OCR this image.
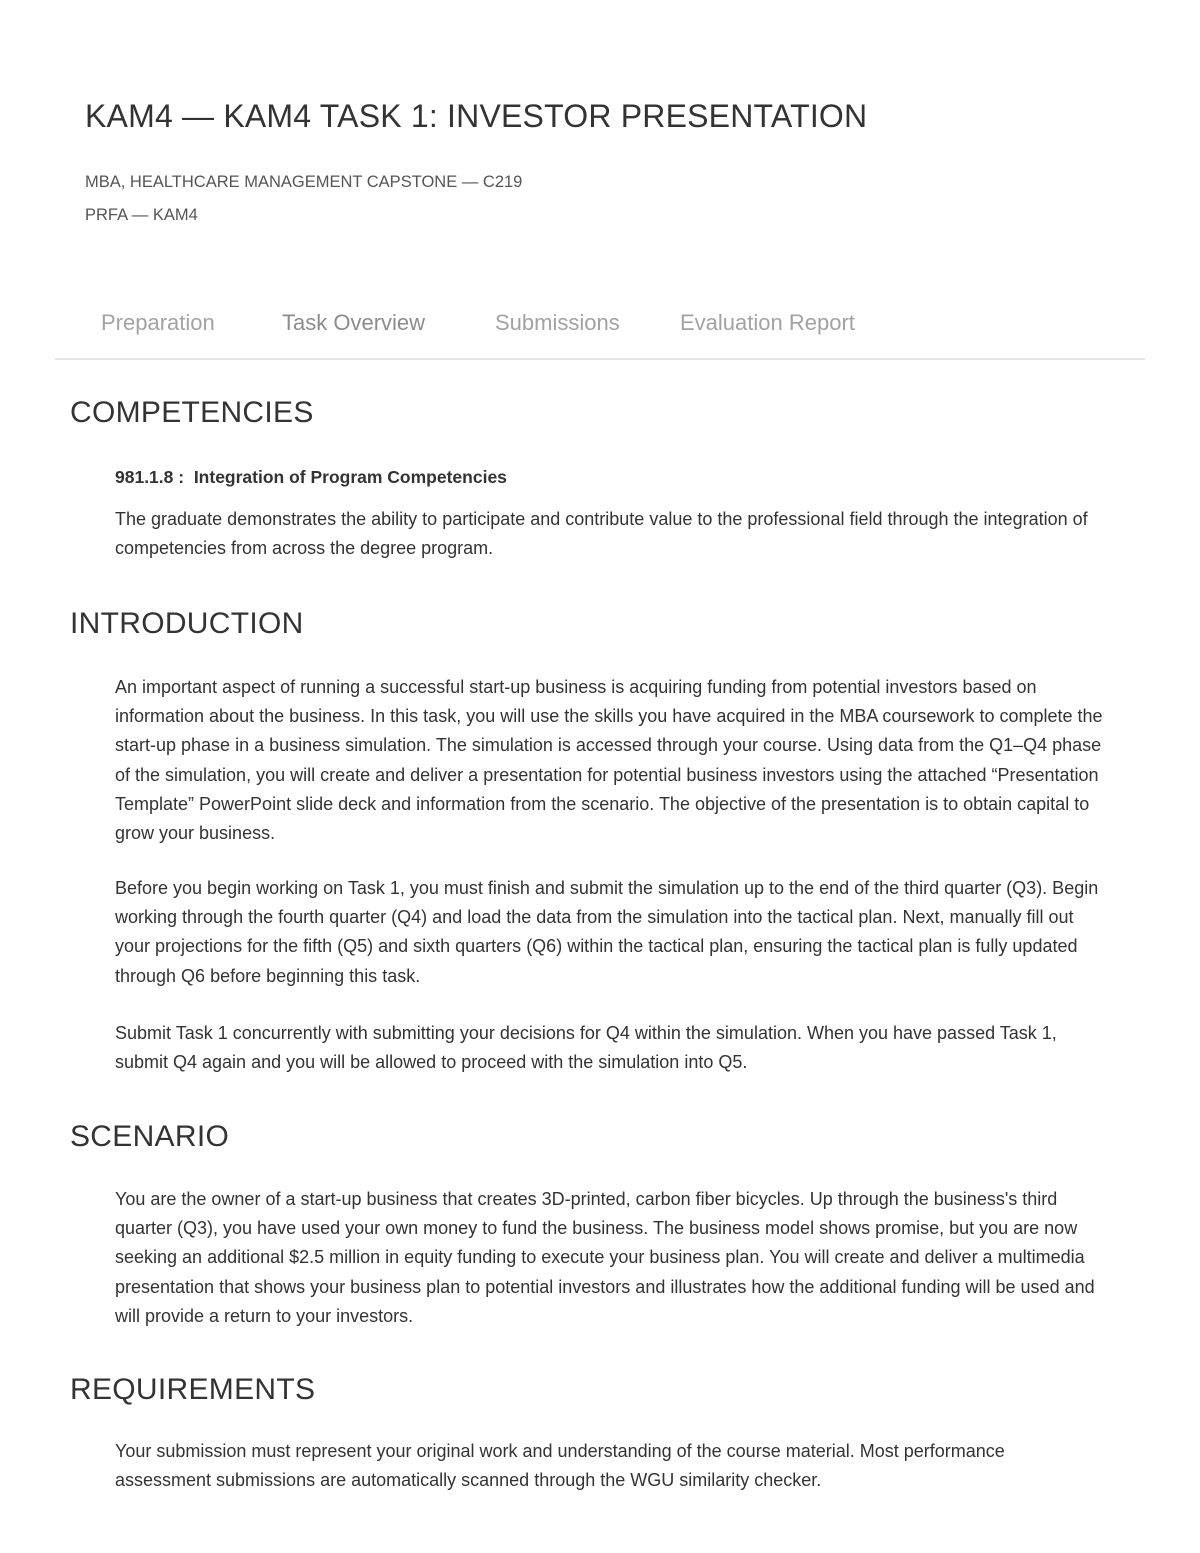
KAM4 — KAM4 TASK 1: INVESTOR PRESENTATION
MBA, HEALTHCARE MANAGEMENT CAPSTONE — C219
PRFA — KAM4
Preparation	Task Overview	Submissions	Evaluation Report
COMPETENCIES
981.1.8 : Integration of Program Competencies

The graduate demonstrates the ability to participate and contribute value to the professional field through the integration of competencies from across the degree program.

INTRODUCTION

An important aspect of running a successful start-up business is acquiring funding from potential investors based on information about the business. In this task, you will use the skills you have acquired in the MBA coursework to complete the start-up phase in a business simulation. The simulation is accessed through your course. Using data from the Q1–Q4 phase of the simulation, you will create and deliver a presentation for potential business investors using the attached “Presentation Template” PowerPoint slide deck and information from the scenario. The objective of the presentation is to obtain capital to grow your business.

Before you begin working on Task 1, you must finish and submit the simulation up to the end of the third quarter (Q3). Begin working through the fourth quarter (Q4) and load the data from the simulation into the tactical plan. Next, manually fill out your projections for the fifth (Q5) and sixth quarters (Q6) within the tactical plan, ensuring the tactical plan is fully updated through Q6 before beginning this task.

Submit Task 1 concurrently with submitting your decisions for Q4 within the simulation. When you have passed Task 1, submit Q4 again and you will be allowed to proceed with the simulation into Q5.

SCENARIO

You are the owner of a start-up business that creates 3D-printed, carbon fiber bicycles. Up through the business's third quarter (Q3), you have used your own money to fund the business. The business model shows promise, but you are now seeking an additional $2.5 million in equity funding to execute your business plan. You will create and deliver a multimedia presentation that shows your business plan to potential investors and illustrates how the additional funding will be used and will provide a return to your investors.

REQUIREMENTS

Your submission must represent your original work and understanding of the course material. Most performance assessment submissions are automatically scanned through the WGU similarity checker.
